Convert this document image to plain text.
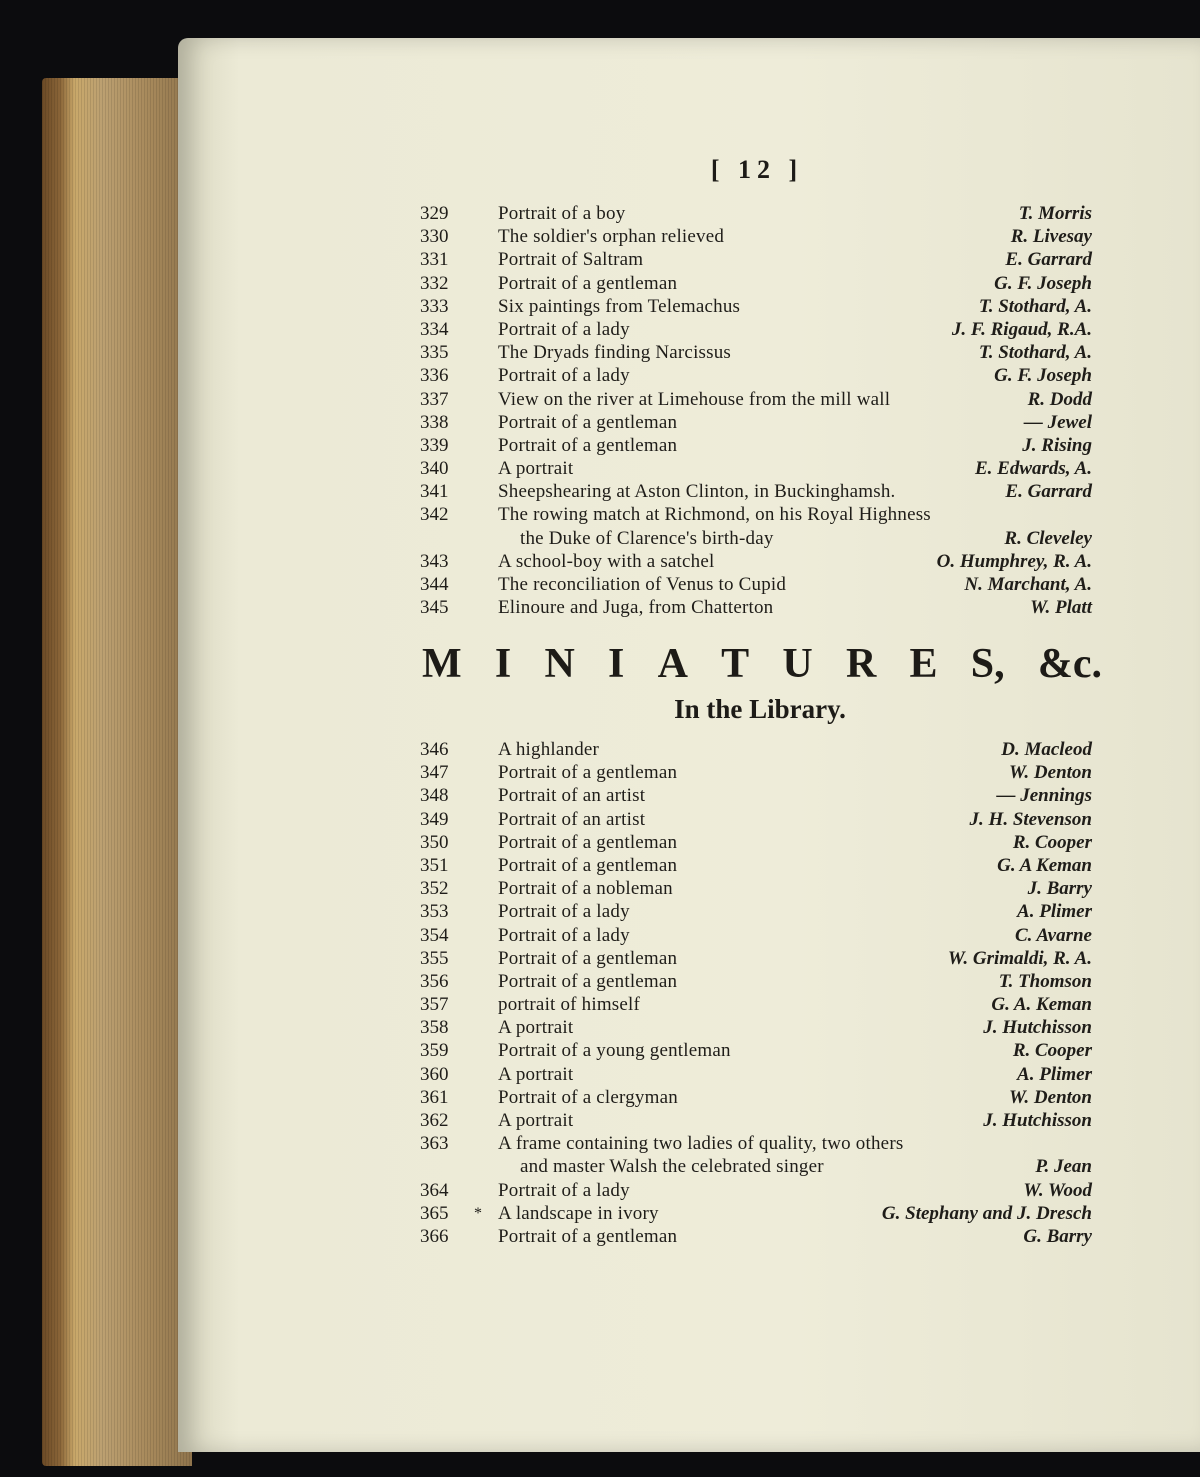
[ 12 ]
329	Portrait of a boy	T. Morris
330	The soldier's orphan relieved	R. Livesay
331	Portrait of Saltram	E. Garrard
332	Portrait of a gentleman	G. F. Joseph
333	Six paintings from Telemachus	T. Stothard, A.
334	Portrait of a lady	J. F. Rigaud, R.A.
335	The Dryads finding Narcissus	T. Stothard, A.
336	Portrait of a lady	G. F. Joseph
337	View on the river at Limehouse from the mill wall	R. Dodd
338	Portrait of a gentleman	— Jewel
339	Portrait of a gentleman	J. Rising
340	A portrait	E. Edwards, A.
341	Sheepshearing at Aston Clinton, in Buckinghamsh.	E. Garrard
342	The rowing match at Richmond, on his Royal Highness
the Duke of Clarence's birth-day	R. Cleveley
343	A school-boy with a satchel	O. Humphrey, R. A.
344	The reconciliation of Venus to Cupid	N. Marchant, A.
345	Elinoure and Juga, from Chatterton	W. Platt
M I N I A T U R E S, &c.
In the Library.
346	A highlander	D. Macleod
347	Portrait of a gentleman	W. Denton
348	Portrait of an artist	— Jennings
349	Portrait of an artist	J. H. Stevenson
350	Portrait of a gentleman	R. Cooper
351	Portrait of a gentleman	G. A Keman
352	Portrait of a nobleman	J. Barry
353	Portrait of a lady	A. Plimer
354	Portrait of a lady	C. Avarne
355	Portrait of a gentleman	W. Grimaldi, R. A.
356	Portrait of a gentleman	T. Thomson
357	portrait of himself	G. A. Keman
358	A portrait	J. Hutchisson
359	Portrait of a young gentleman	R. Cooper
360	A portrait	A. Plimer
361	Portrait of a clergyman	W. Denton
362	A portrait	J. Hutchisson
363	A frame containing two ladies of quality, two others
and master Walsh the celebrated singer	P. Jean
364	Portrait of a lady	W. Wood
365	* A landscape in ivory	G. Stephany and J. Dresch
366	Portrait of a gentleman	G. Barry
